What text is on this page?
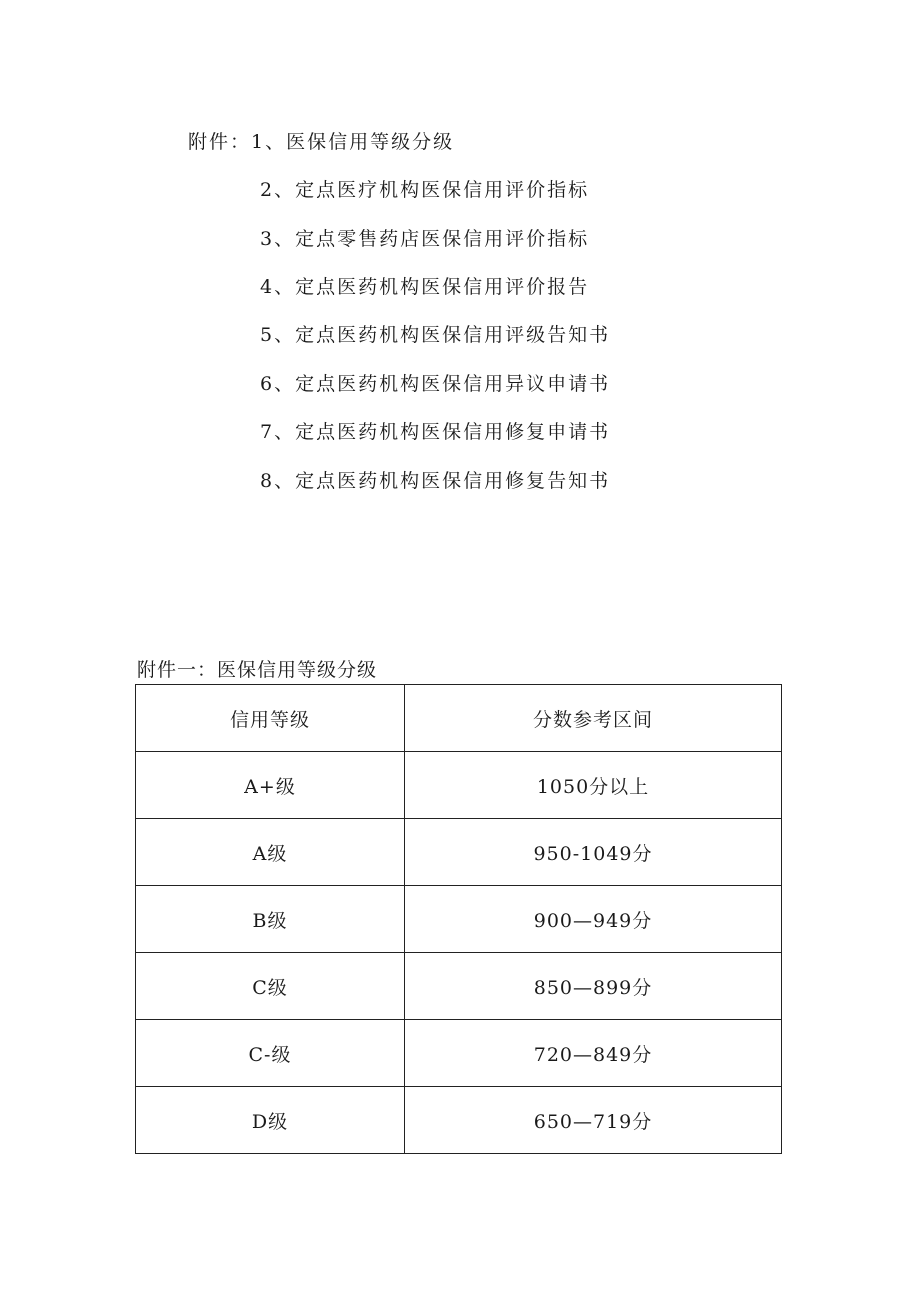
附件：1、医保信用等级分级
2、定点医疗机构医保信用评价指标
3、定点零售药店医保信用评价指标
4、定点医药机构医保信用评价报告
5、定点医药机构医保信用评级告知书
6、定点医药机构医保信用异议申请书
7、定点医药机构医保信用修复申请书
8、定点医药机构医保信用修复告知书
附件一：医保信用等级分级
信用等级	分数参考区间
A+级	1050分以上
A级	950-1049分
B级	900—949分
C级	850—899分
C-级	720—849分
D级	650—719分
